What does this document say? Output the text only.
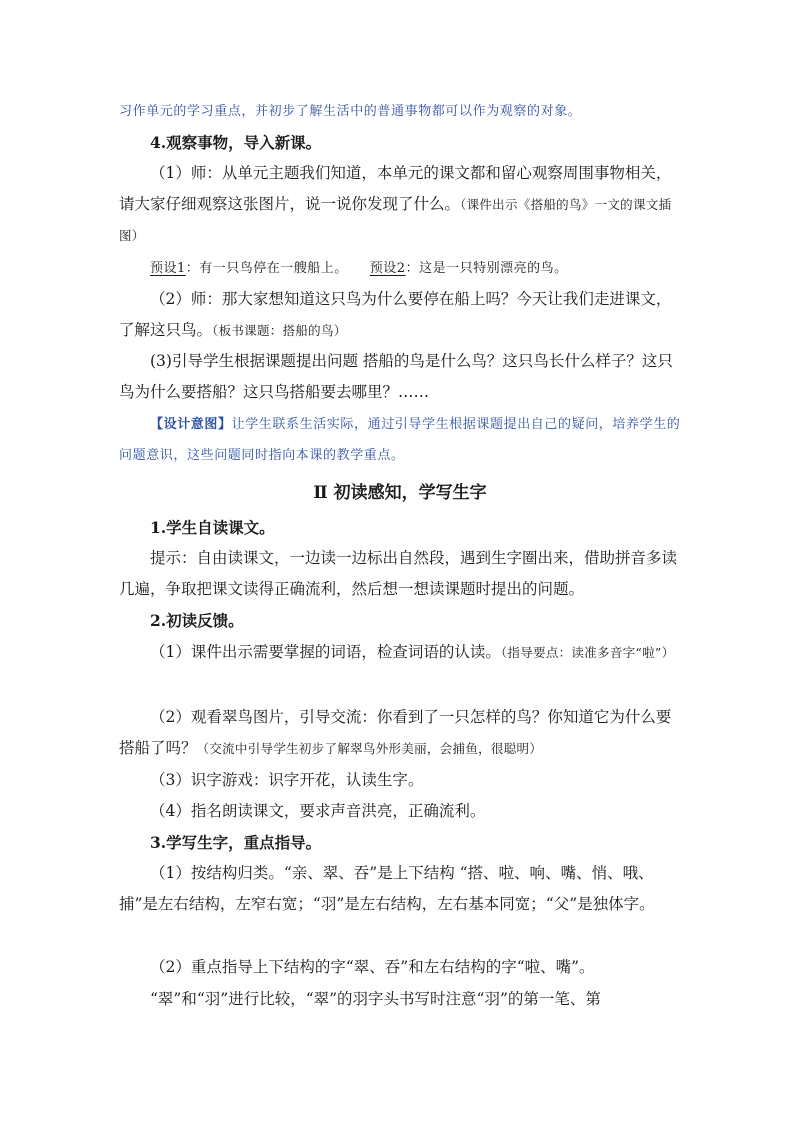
习作单元的学习重点，并初步了解生活中的普通事物都可以作为观察的对象。

4.观察事物，导入新课。

（1）师：从单元主题我们知道，本单元的课文都和留心观察周围事物相关，请大家仔细观察这张图片，说一说你发现了什么。（课件出示《搭船的鸟》一文的课文插图）

预设1：有一只鸟停在一艘船上。 预设2：这是一只特别漂亮的鸟。

（2）师：那大家想知道这只鸟为什么要停在船上吗？今天让我们走进课文，了解这只鸟。（板书课题：搭船的鸟）

(3)引导学生根据课题提出问题 搭船的鸟是什么鸟？这只鸟长什么样子？这只鸟为什么要搭船？这只鸟搭船要去哪里？……

【设计意图】让学生联系生活实际，通过引导学生根据课题提出自己的疑问，培养学生的问题意识，这些问题同时指向本课的教学重点。

Ⅱ 初读感知，学写生字

1.学生自读课文。

提示：自由读课文，一边读一边标出自然段，遇到生字圈出来，借助拼音多读几遍，争取把课文读得正确流利，然后想一想读课题时提出的问题。

2.初读反馈。

（1）课件出示需要掌握的词语，检查词语的认读。（指导要点：读准多音字“啦”）

（2）观看翠鸟图片，引导交流：你看到了一只怎样的鸟？你知道它为什么要搭船了吗？（交流中引导学生初步了解翠鸟外形美丽，会捕鱼，很聪明）

（3）识字游戏：识字开花，认读生字。

（4）指名朗读课文，要求声音洪亮，正确流利。

3.学写生字，重点指导。

（1）按结构归类。“亲、翠、吞”是上下结构 “搭、啦、响、嘴、悄、哦、捕”是左右结构，左窄右宽；“羽”是左右结构，左右基本同宽；“父”是独体字。

（2）重点指导上下结构的字“翠、吞”和左右结构的字“啦、嘴”。

“翠”和“羽”进行比较，“翠”的羽字头书写时注意“羽”的第一笔、第
